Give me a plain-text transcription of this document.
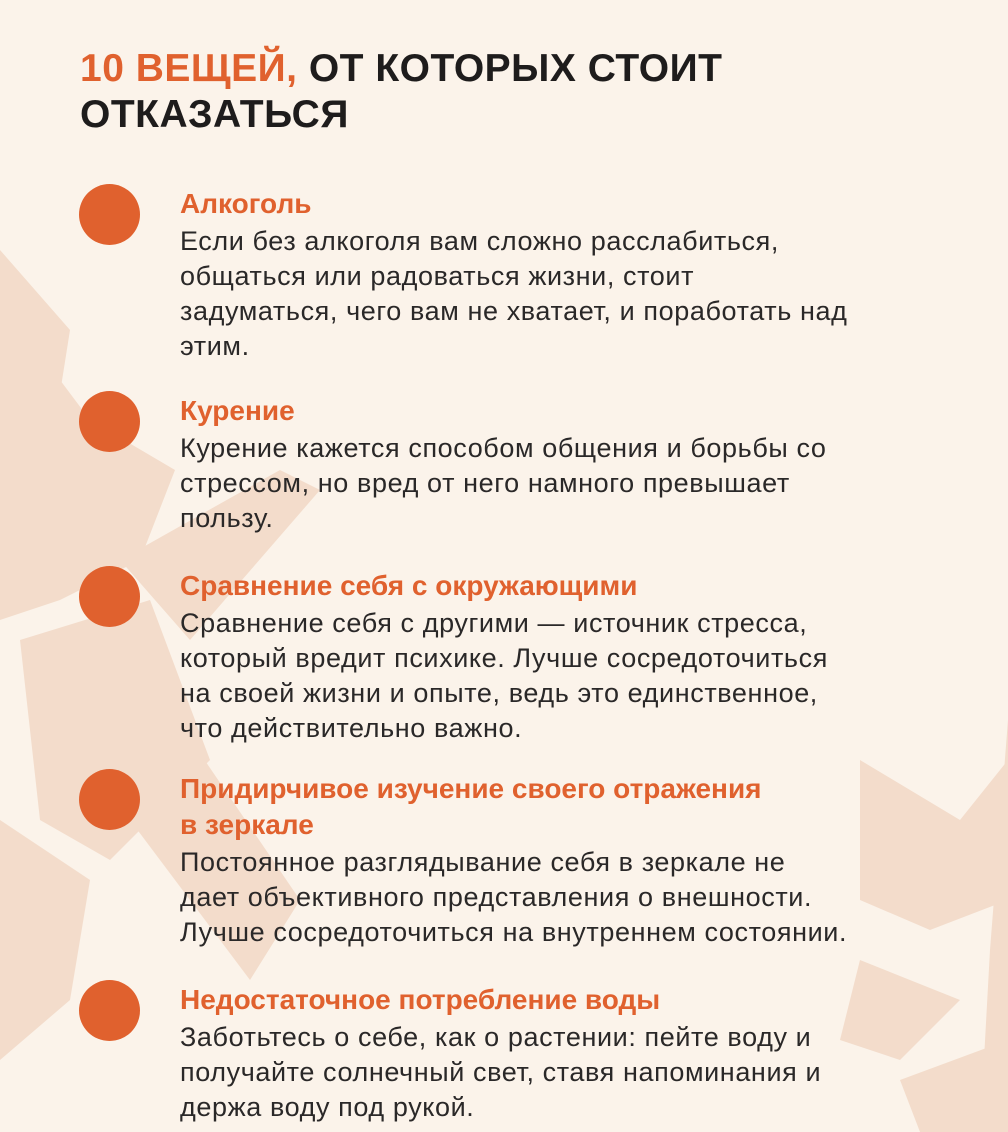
10 ВЕЩЕЙ, ОТ КОТОРЫХ СТОИТ
ОТКАЗАТЬСЯ
Алкоголь

Если без алкоголя вам сложно расслабиться,
общаться или радоваться жизни, стоит
задуматься, чего вам не хватает, и поработать над
этим.

Курение

Курение кажется способом общения и борьбы со
стрессом, но вред от него намного превышает
пользу.

Сравнение себя с окружающими

Сравнение себя с другими — источник стресса,
который вредит психике. Лучше сосредоточиться
на своей жизни и опыте, ведь это единственное,
что действительно важно.

Придирчивое изучение своего отражения
в зеркале

Постоянное разглядывание себя в зеркале не
дает объективного представления о внешности.
Лучше сосредоточиться на внутреннем состоянии.

Недостаточное потребление воды

Заботьтесь о себе, как о растении: пейте воду и
получайте солнечный свет, ставя напоминания и
держа воду под рукой.
